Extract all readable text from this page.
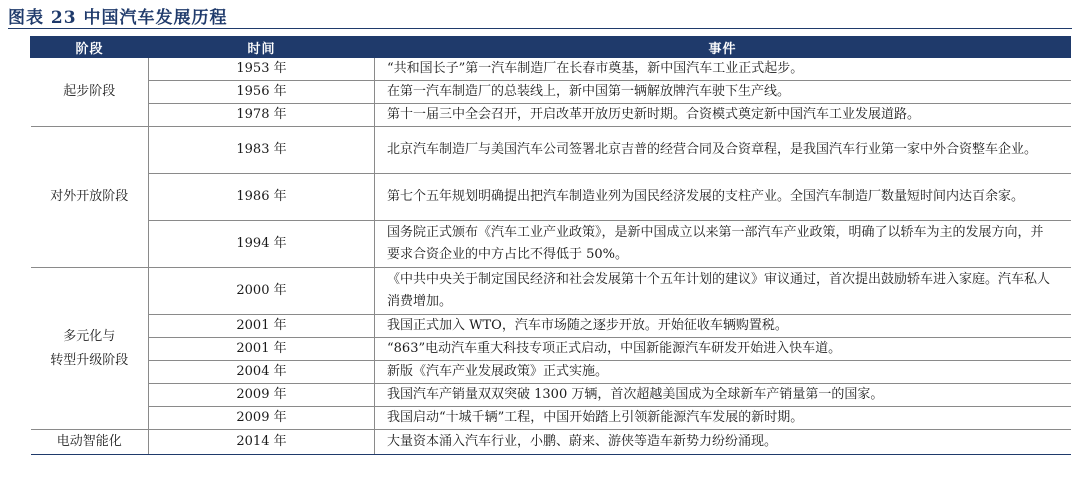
图表 23 中国汽车发展历程
阶段	时间	事件

起步阶段	1953 年	“共和国长子”第一汽车制造厂在长春市奠基，新中国汽车工业正式起步。
	1956 年	在第一汽车制造厂的总装线上，新中国第一辆解放牌汽车驶下生产线。
	1978 年	第十一届三中全会召开，开启改革开放历史新时期。合资模式奠定新中国汽车工业发展道路。

对外开放阶段	1983 年	北京汽车制造厂与美国汽车公司签署北京吉普的经营合同及合资章程，是我国汽车行业第一家中外合资整车企业。
	1986 年	第七个五年规划明确提出把汽车制造业列为国民经济发展的支柱产业。全国汽车制造厂数量短时间内达百余家。
	1994 年	国务院正式颁布《汽车工业产业政策》，是新中国成立以来第一部汽车产业政策，明确了以轿车为主的发展方向，并要求合资企业的中方占比不得低于 50%。

多元化与
转型升级阶段	2000 年	《中共中央关于制定国民经济和社会发展第十个五年计划的建议》审议通过，首次提出鼓励轿车进入家庭。汽车私人消费增加。
	2001 年	我国正式加入 WTO，汽车市场随之逐步开放。开始征收车辆购置税。
	2001 年	“863”电动汽车重大科技专项正式启动，中国新能源汽车研发开始进入快车道。
	2004 年	新版《汽车产业发展政策》正式实施。
	2009 年	我国汽车产销量双双突破 1300 万辆，首次超越美国成为全球新车产销量第一的国家。
	2009 年	我国启动“十城千辆”工程，中国开始踏上引领新能源汽车发展的新时期。

电动智能化	2014 年	大量资本涌入汽车行业，小鹏、蔚来、游侠等造车新势力纷纷涌现。
